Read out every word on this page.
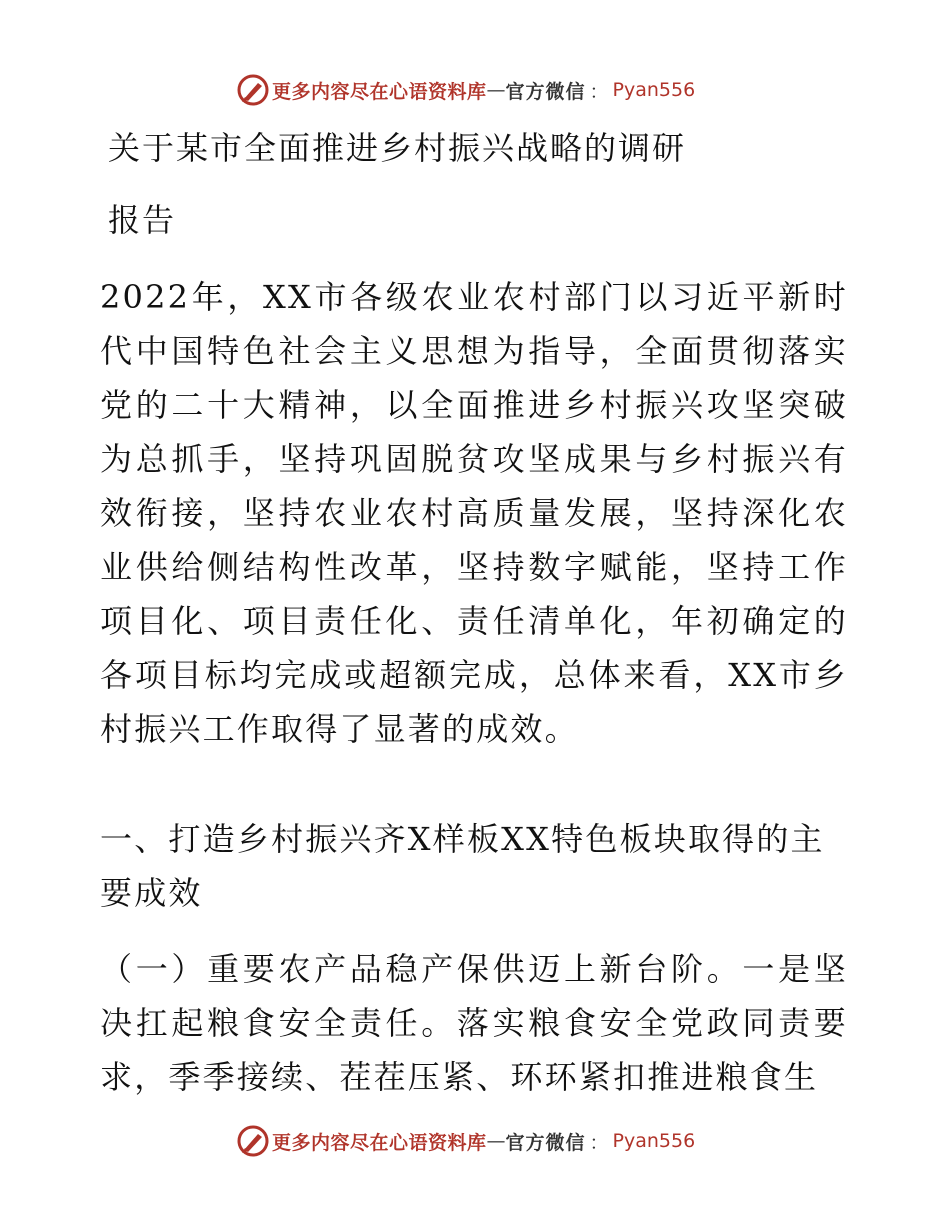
更多内容尽在心语资料库 — 官方微信 ： Pyan556
关于某市全面推进乡村振兴战略的调研
报告
2022年，XX市各级农业农村部门以习近平新时代中国特色社会主义思想为指导，全面贯彻落实党的二十大精神，以全面推进乡村振兴攻坚突破为总抓手，坚持巩固脱贫攻坚成果与乡村振兴有效衔接，坚持农业农村高质量发展，坚持深化农业供给侧结构性改革，坚持数字赋能，坚持工作项目化、项目责任化、责任清单化，年初确定的各项目标均完成或超额完成，总体来看，XX市乡村振兴工作取得了显著的成效。
一、打造乡村振兴齐X样板XX特色板块取得的主要成效
（一）重要农产品稳产保供迈上新台阶。一是坚决扛起粮食安全责任。落实粮食安全党政同责要求，季季接续、茬茬压紧、环环紧扣推进粮食生
更多内容尽在心语资料库 — 官方微信 ： Pyan556
